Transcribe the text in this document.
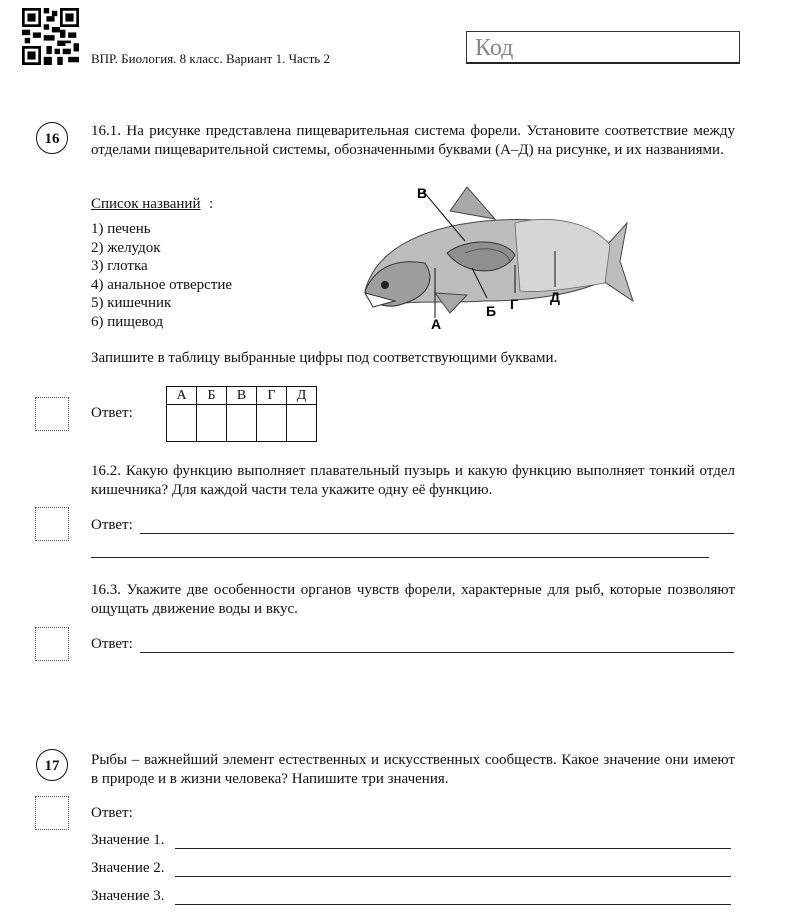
ВПР. Биология. 8 класс. Вариант 1. Часть 2	Код
16	16.1. На рисунке представлена пищеварительная система форели. Установите соответствие между отделами пищеварительной системы, обозначенными буквами (А–Д) на рисунке, и их названиями.
Список названий :
1) печень
2) желудок
3) глотка
4) анальное отверстие
5) кишечник
6) пищевод
В
А
Б Г Д
Запишите в таблицу выбранные цифры под соответствующими буквами.
Ответ:
А	Б	В	Г	Д

16.2. Какую функцию выполняет плавательный пузырь и какую функцию выполняет тонкий отдел кишечника? Для каждой части тела укажите одну её функцию.
Ответ:
16.3. Укажите две особенности органов чувств форели, характерные для рыб, которые позволяют ощущать движение воды и вкус.
Ответ:
17	Рыбы – важнейший элемент естественных и искусственных сообществ. Какое значение они имеют в природе и в жизни человека? Напишите три значения.
Ответ:
Значение 1.
Значение 2.
Значение 3.
